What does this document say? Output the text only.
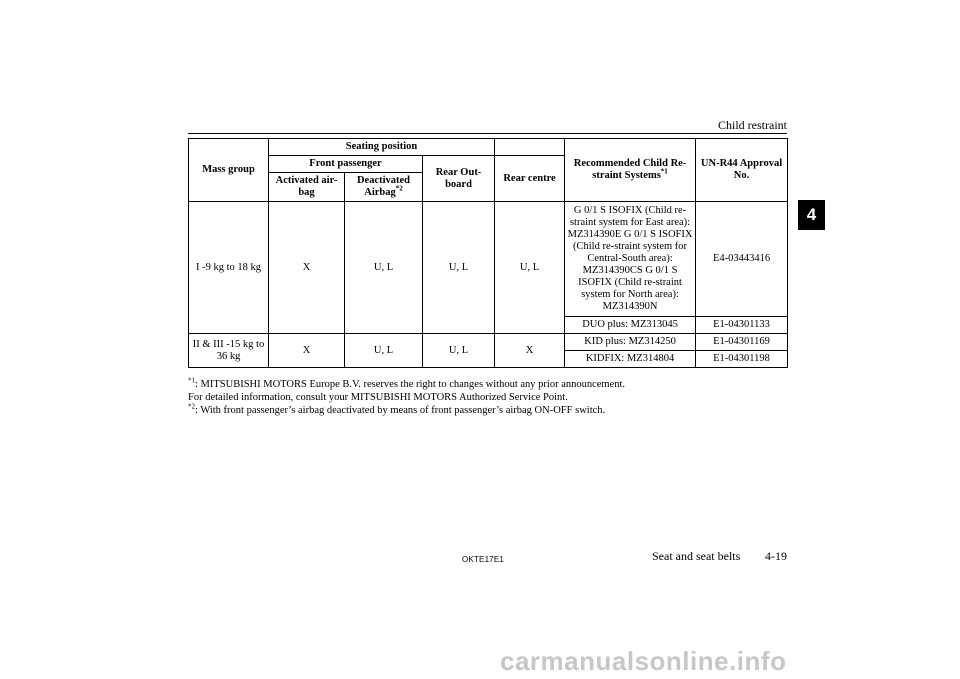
Child restraint
4
Mass group	Seating position				Recommended Child Re-straint Systems$^{*1}$	UN-R44 Approval No.
	Front passenger		Rear Out-board	Rear centre		
	Activated air-bag	Deactivated Airbag$^{*2}$
I -9 kg to 18 kg	X	U, L	U, L	U, L	G 0/1 S ISOFIX (Child re-straint system for East area): MZ314390E G 0/1 S ISOFIX (Child re-straint system for Central-South area): MZ314390CS G 0/1 S ISOFIX (Child re-straint system for North area): MZ314390N	E4-03443416
					DUO plus: MZ313045	E1-04301133
II & III -15 kg to 36 kg	X	U, L	U, L	X	KID plus: MZ314250	E1-04301169
					KIDFIX: MZ314804	E1-04301198
$^{*1}$: MITSUBISHI MOTORS Europe B.V. reserves the right to changes without any prior announcement.
For detailed information, consult your MITSUBISHI MOTORS Authorized Service Point.
$^{*2}$: With front passenger’s airbag deactivated by means of front passenger’s airbag ON-OFF switch.
OKTE17E1	Seat and seat belts	4-19
carmanualsonline.info
